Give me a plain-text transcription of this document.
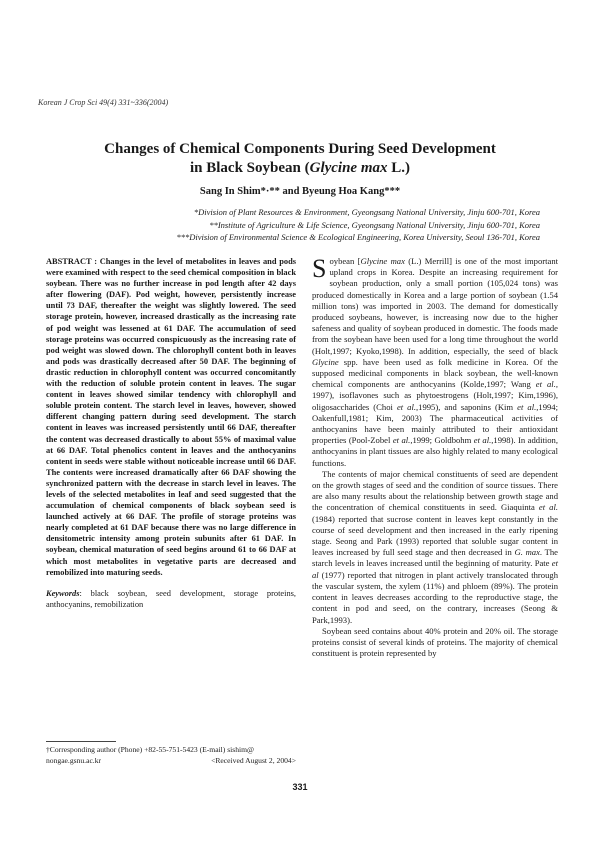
Korean J Crop Sci 49(4) 331~336(2004)
Changes of Chemical Components During Seed Development
in Black Soybean (Glycine max L.)
Sang In Shim*·** and Byeung Hoa Kang***
*Division of Plant Resources & Environment, Gyeongsang National University, Jinju 600-701, Korea
**Institute of Agriculture & Life Science, Gyeongsang National University, Jinju 600-701, Korea
***Division of Environmental Science & Ecological Engineering, Korea University, Seoul 136-701, Korea

ABSTRACT : Changes in the level of metabolites in leaves and pods were examined with respect to the seed chemical composition in black soybean. There was no further increase in pod length after 42 days after flowering (DAF). Pod weight, however, persistently increase until 73 DAF, thereafter the weight was slightly lowered. The seed storage protein, however, increased drastically as the increasing rate of pod weight was lessened at 61 DAF. The accumulation of seed storage proteins was occurred conspicuously as the increasing rate of pod weight was slowed down. The chlorophyll content both in leaves and pods was drastically decreased after 50 DAF. The beginning of drastic reduction in chlorophyll content was occurred concomitantly with the reduction of soluble protein content in leaves. The sugar content in leaves showed similar tendency with chlorophyll and soluble protein content. The starch level in leaves, however, showed different changing pattern during seed development. The starch content in leaves was increased persistently until 66 DAF, thereafter the content was decreased drastically to about 55% of maximal value at 66 DAF. Total phenolics content in leaves and the anthocyanins content in seeds were stable without noticeable increase until 66 DAF. The contents were increased dramatically after 66 DAF showing the synchronized pattern with the decrease in starch level in leaves. The levels of the selected metabolites in leaf and seed suggested that the accumulation of chemical components of black soybean seed is launched actively at 66 DAF. The profile of storage proteins was nearly completed at 61 DAF because there was no large difference in densitometric intensity among protein subunits after 61 DAF. In soybean, chemical maturation of seed begins around 61 to 66 DAF at which most metabolites in vegetative parts are decreased and remobilized into maturing seeds.

Keywords: black soybean, seed development, storage proteins, anthocyanins, remobilization

Soybean [Glycine max (L.) Merrill] is one of the most important upland crops in Korea. Despite an increasing requirement for soybean production, only a small portion (105,024 tons) was produced domestically in Korea and a large portion of soybean (1.54 million tons) was imported in 2003. The demand for domestically produced soybeans, however, is increasing now due to the higher safeness and quality of soybean produced in domestic. The foods made from the soybean have been used for a long time throughout the world (Holt,1997; Kyoko,1998). In addition, especially, the seed of black Glycine spp. have been used as folk medicine in Korea. Of the supposed medicinal components in black soybean, the well-known chemical components are anthocyanins (Kolde,1997; Wang et al., 1997), isoflavones such as phytoestrogens (Holt,1997; Kim,1996), oligosaccharides (Choi et al.,1995), and saponins (Kim et al.,1994; Oakenfull,1981; Kim, 2003) The pharmaceutical activities of anthocyanins have been mainly attributed to their antioxidant properties (Pool-Zobel et al.,1999; Goldbohm et al.,1998). In addition, anthocyanins in plant tissues are also highly related to many ecological functions.

The contents of major chemical constituents of seed are dependent on the growth stages of seed and the condition of source tissues. There are also many results about the relationship between growth stage and the concentration of chemical constituents in seed. Giaquinta et al. (1984) reported that sucrose content in leaves kept constantly in the course of seed development and then increased in the early ripening stage. Seong and Park (1993) reported that soluble sugar content in leaves increased by full seed stage and then decreased in G. max. The starch levels in leaves increased until the beginning of maturity. Pate et al (1977) reported that nitrogen in plant actively translocated through the vascular system, the xylem (11%) and phloem (89%). The protein content in leaves decreases according to the reproductive stage, the content in pod and seed, on the contrary, increases (Seong & Park,1993).

Soybean seed contains about 40% protein and 20% oil. The storage proteins consist of several kinds of proteins. The majority of chemical constituent is protein represented by

†Corresponding author (Phone) +82-55-751-5423 (E-mail) sishim@
nongae.gsnu.ac.kr	<Received August 2, 2004>
331
